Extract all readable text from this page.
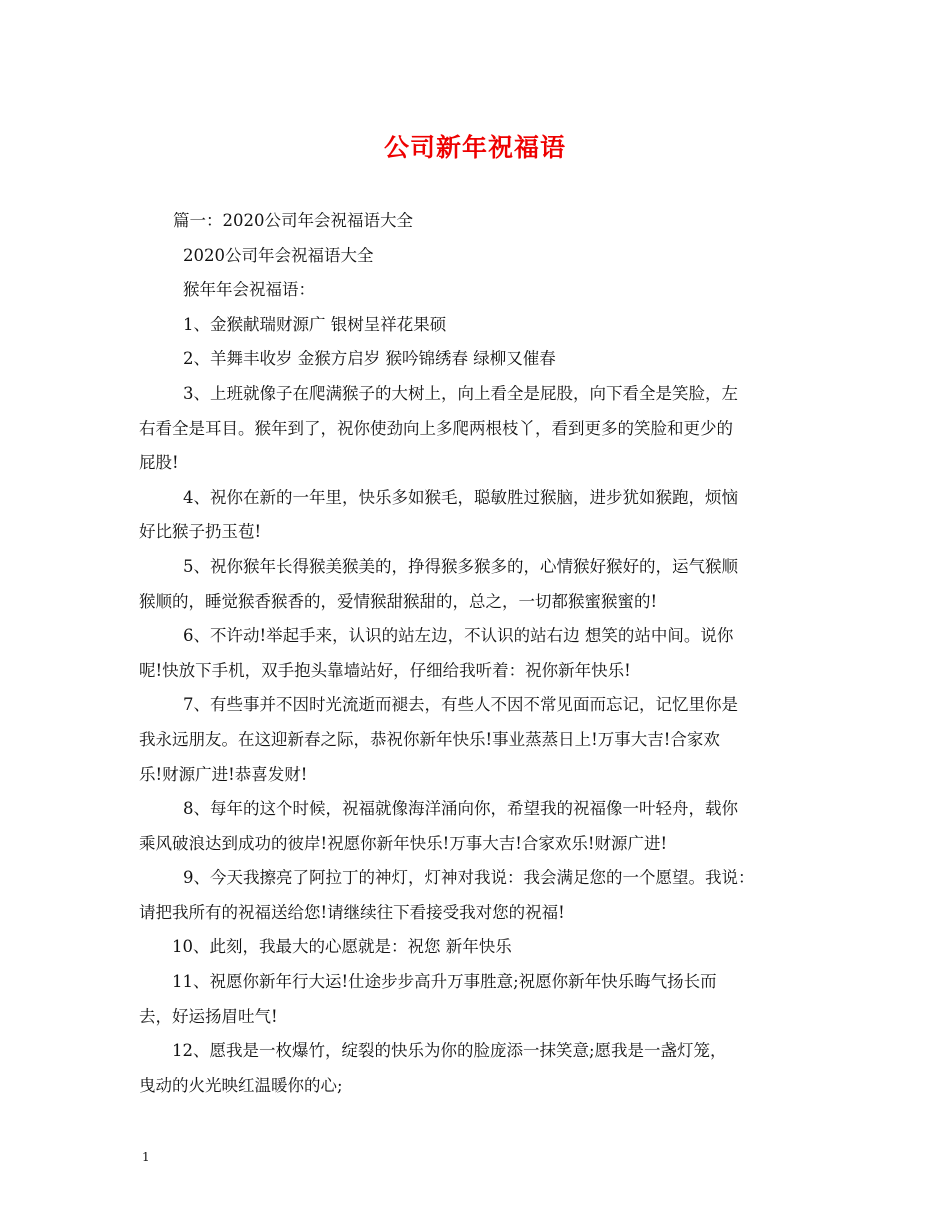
公司新年祝福语
篇一：2020公司年会祝福语大全
2020公司年会祝福语大全
猴年年会祝福语：
1、金猴献瑞财源广 银树呈祥花果硕
2、羊舞丰收岁 金猴方启岁 猴吟锦绣春 绿柳又催春
3、上班就像子在爬满猴子的大树上，向上看全是屁股，向下看全是笑脸，左
右看全是耳目。猴年到了，祝你使劲向上多爬两根枝丫，看到更多的笑脸和更少的
屁股!
4、祝你在新的一年里，快乐多如猴毛，聪敏胜过猴脑，进步犹如猴跑，烦恼
好比猴子扔玉苞!
5、祝你猴年长得猴美猴美的，挣得猴多猴多的，心情猴好猴好的，运气猴顺
猴顺的，睡觉猴香猴香的，爱情猴甜猴甜的，总之，一切都猴蜜猴蜜的!
6、不许动!举起手来，认识的站左边，不认识的站右边 想笑的站中间。说你
呢!快放下手机，双手抱头靠墙站好，仔细给我听着：祝你新年快乐!
7、有些事并不因时光流逝而褪去，有些人不因不常见面而忘记，记忆里你是
我永远朋友。在这迎新春之际，恭祝你新年快乐!事业蒸蒸日上!万事大吉!合家欢
乐!财源广进!恭喜发财!
8、每年的这个时候，祝福就像海洋涌向你，希望我的祝福像一叶轻舟，载你
乘风破浪达到成功的彼岸!祝愿你新年快乐!万事大吉!合家欢乐!财源广进!
9、今天我擦亮了阿拉丁的神灯，灯神对我说：我会满足您的一个愿望。我说：
请把我所有的祝福送给您!请继续往下看接受我对您的祝福!
10、此刻，我最大的心愿就是：祝您 新年快乐
11、祝愿你新年行大运!仕途步步高升万事胜意;祝愿你新年快乐晦气扬长而
去，好运扬眉吐气!
12、愿我是一枚爆竹，绽裂的快乐为你的脸庞添一抹笑意;愿我是一盏灯笼，
曳动的火光映红温暖你的心;
1
